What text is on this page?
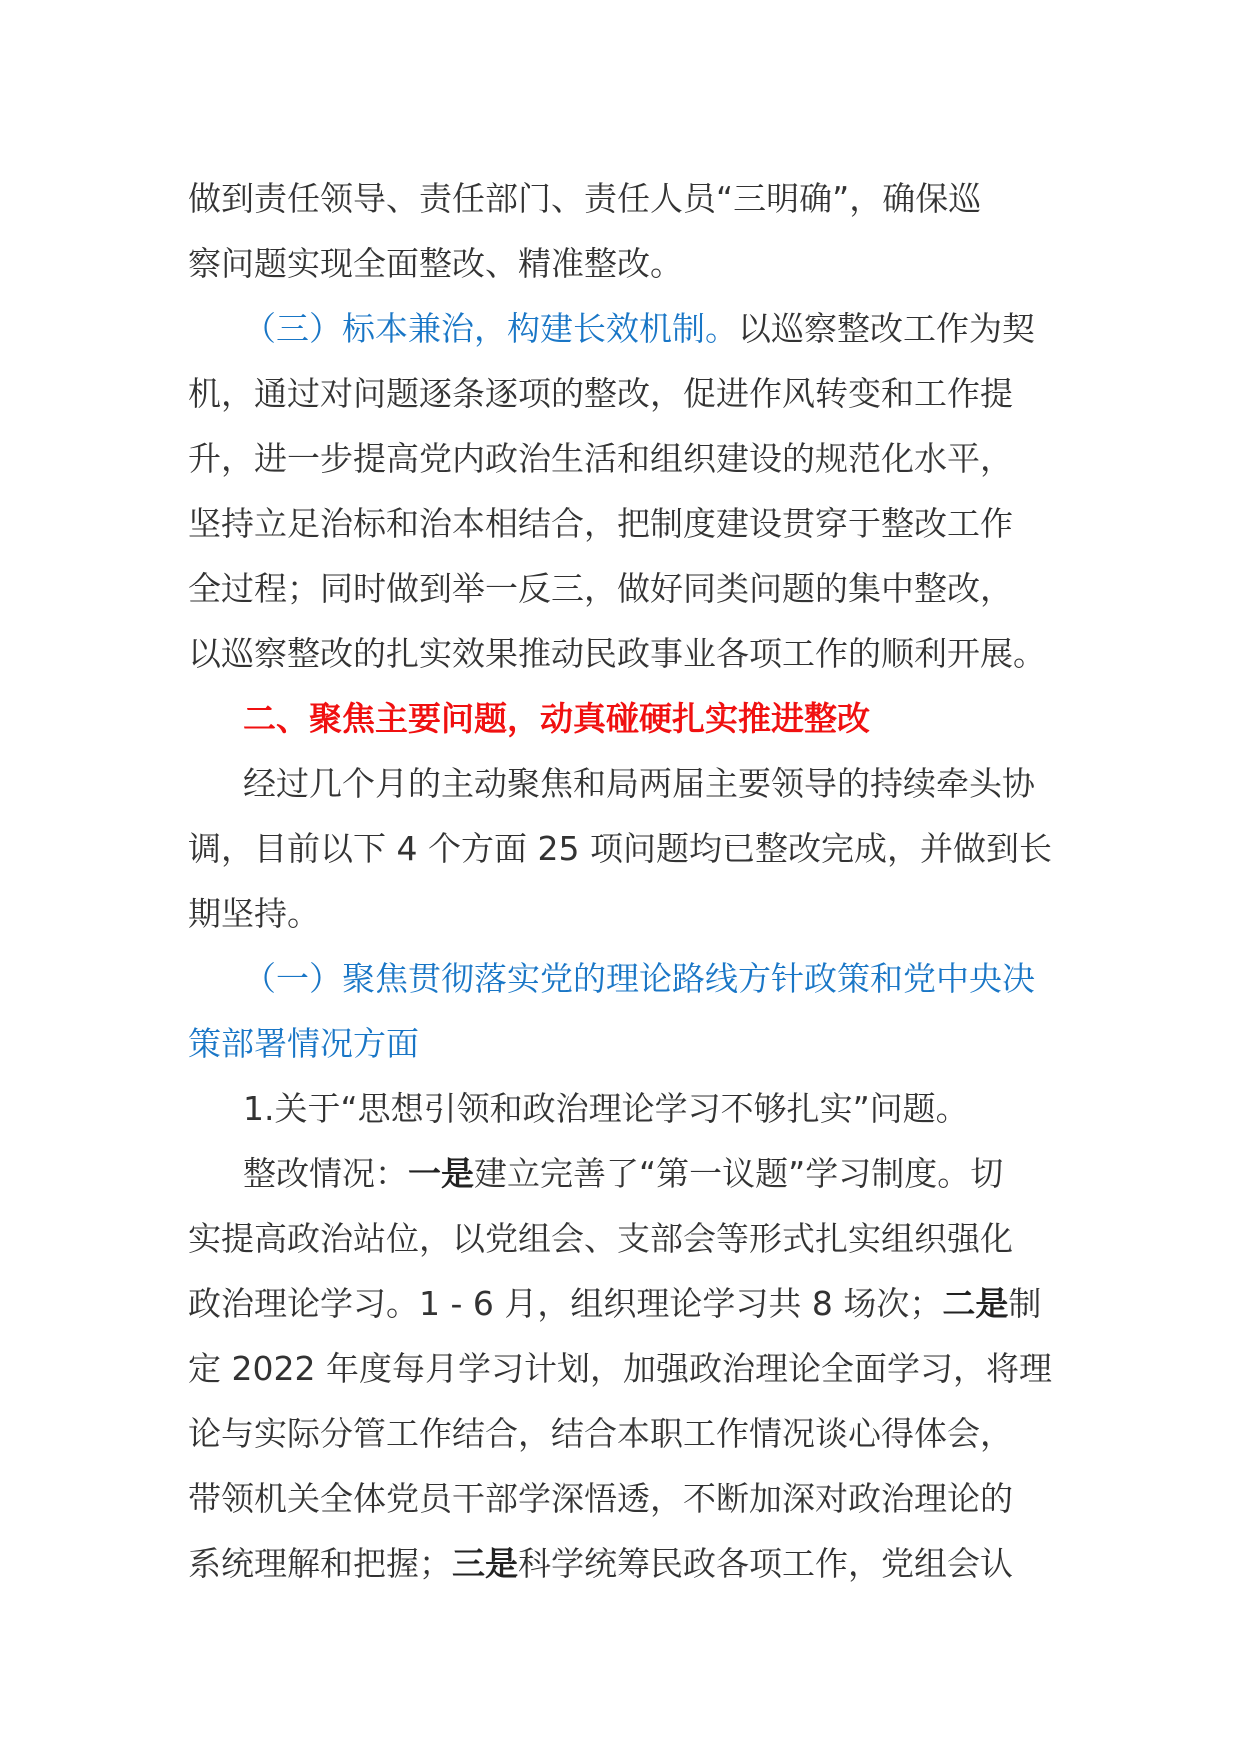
做到责任领导、责任部门、责任人员“三明确”，确保巡
察问题实现全面整改、精准整改。
（三）标本兼治，构建长效机制。以巡察整改工作为契
机，通过对问题逐条逐项的整改，促进作风转变和工作提
升，进一步提高党内政治生活和组织建设的规范化水平，
坚持立足治标和治本相结合，把制度建设贯穿于整改工作
全过程；同时做到举一反三，做好同类问题的集中整改，
以巡察整改的扎实效果推动民政事业各项工作的顺利开展。
二、聚焦主要问题，动真碰硬扎实推进整改
经过几个月的主动聚焦和局两届主要领导的持续牵头协
调，目前以下 4 个方面 25 项问题均已整改完成，并做到长
期坚持。
（一）聚焦贯彻落实党的理论路线方针政策和党中央决
策部署情况方面
1.关于“思想引领和政治理论学习不够扎实”问题。
整改情况：一是建立完善了“第一议题”学习制度。切
实提高政治站位，以党组会、支部会等形式扎实组织强化
政治理论学习。1 - 6 月，组织理论学习共 8 场次；二是制
定 2022 年度每月学习计划，加强政治理论全面学习，将理
论与实际分管工作结合，结合本职工作情况谈心得体会，
带领机关全体党员干部学深悟透，不断加深对政治理论的
系统理解和把握；三是科学统筹民政各项工作，党组会认
